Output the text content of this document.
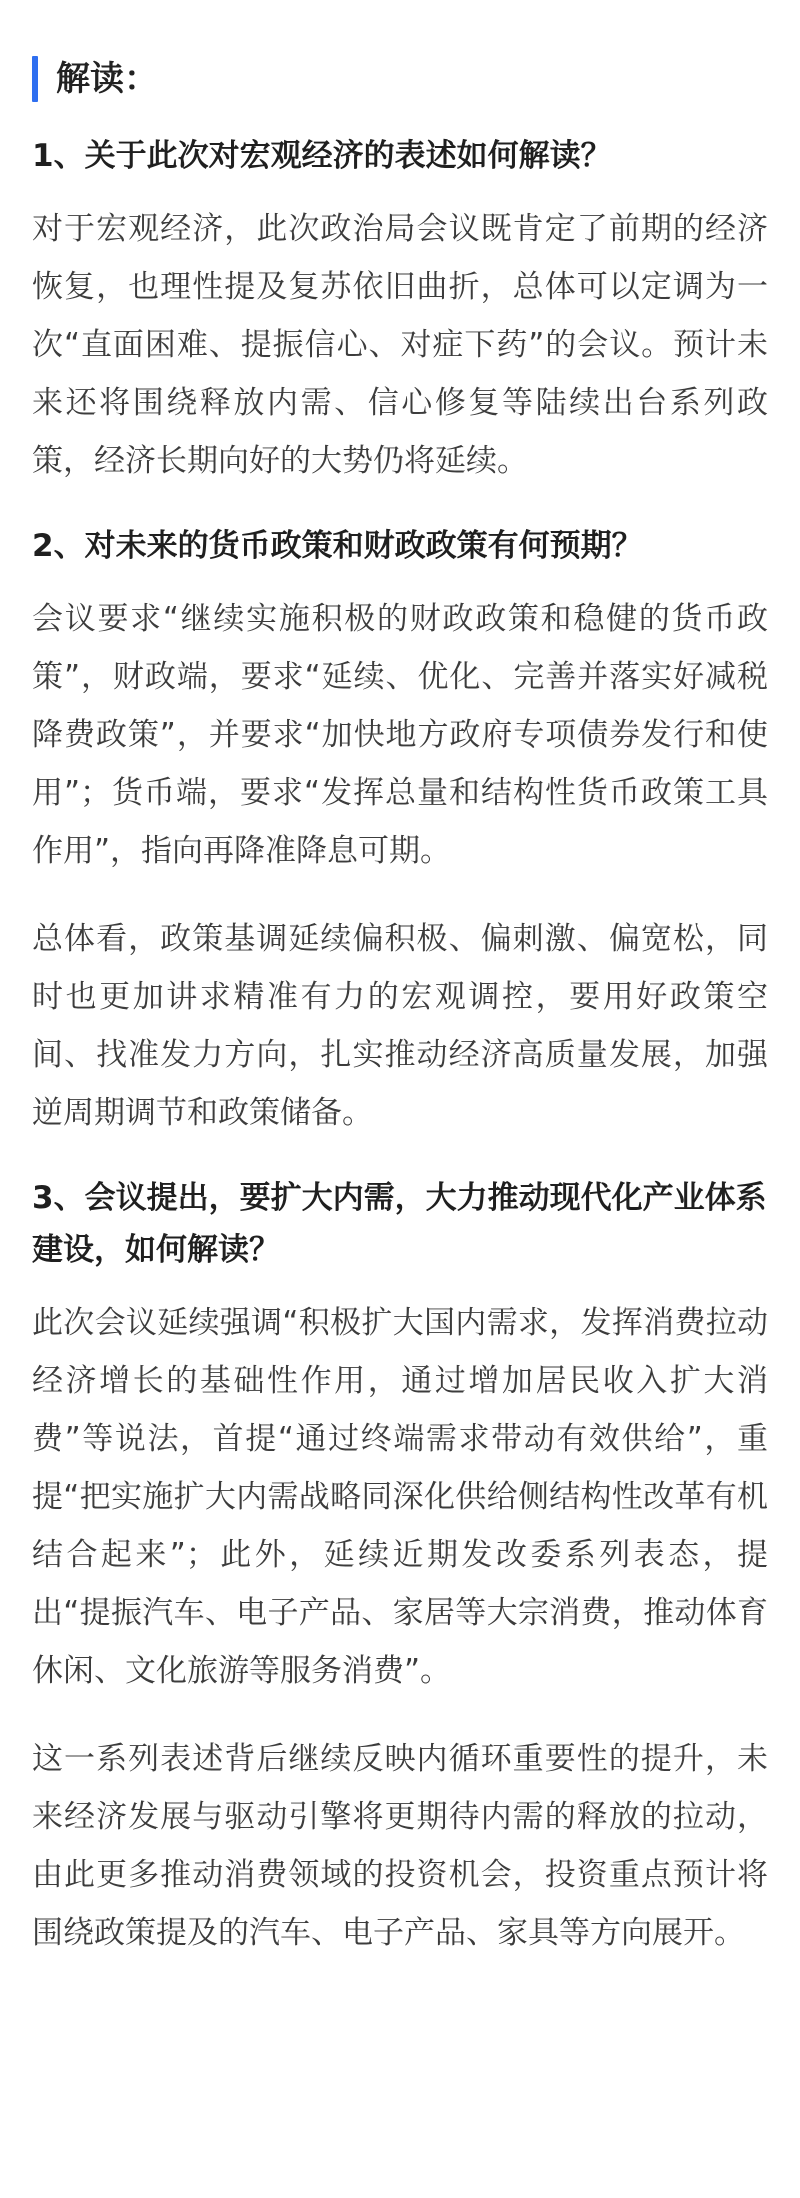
解读：

1、关于此次对宏观经济的表述如何解读？

对于宏观经济，此次政治局会议既肯定了前期的经济恢复，也理性提及复苏依旧曲折，总体可以定调为一次“直面困难、提振信心、对症下药”的会议。预计未来还将围绕释放内需、信心修复等陆续出台系列政策，经济长期向好的大势仍将延续。

2、对未来的货币政策和财政政策有何预期？

会议要求“继续实施积极的财政政策和稳健的货币政策”，财政端，要求“延续、优化、完善并落实好减税降费政策”，并要求“加快地方政府专项债券发行和使用”；货币端，要求“发挥总量和结构性货币政策工具作用”，指向再降准降息可期。

总体看，政策基调延续偏积极、偏刺激、偏宽松，同时也更加讲求精准有力的宏观调控，要用好政策空间、找准发力方向，扎实推动经济高质量发展，加强逆周期调节和政策储备。

3、会议提出，要扩大内需，大力推动现代化产业体系建设，如何解读？

此次会议延续强调“积极扩大国内需求，发挥消费拉动经济增长的基础性作用，通过增加居民收入扩大消费”等说法，首提“通过终端需求带动有效供给”，重提“把实施扩大内需战略同深化供给侧结构性改革有机结合起来”；此外，延续近期发改委系列表态，提出“提振汽车、电子产品、家居等大宗消费，推动体育休闲、文化旅游等服务消费”。

这一系列表述背后继续反映内循环重要性的提升，未来经济发展与驱动引擎将更期待内需的释放的拉动，由此更多推动消费领域的投资机会，投资重点预计将围绕政策提及的汽车、电子产品、家具等方向展开。
